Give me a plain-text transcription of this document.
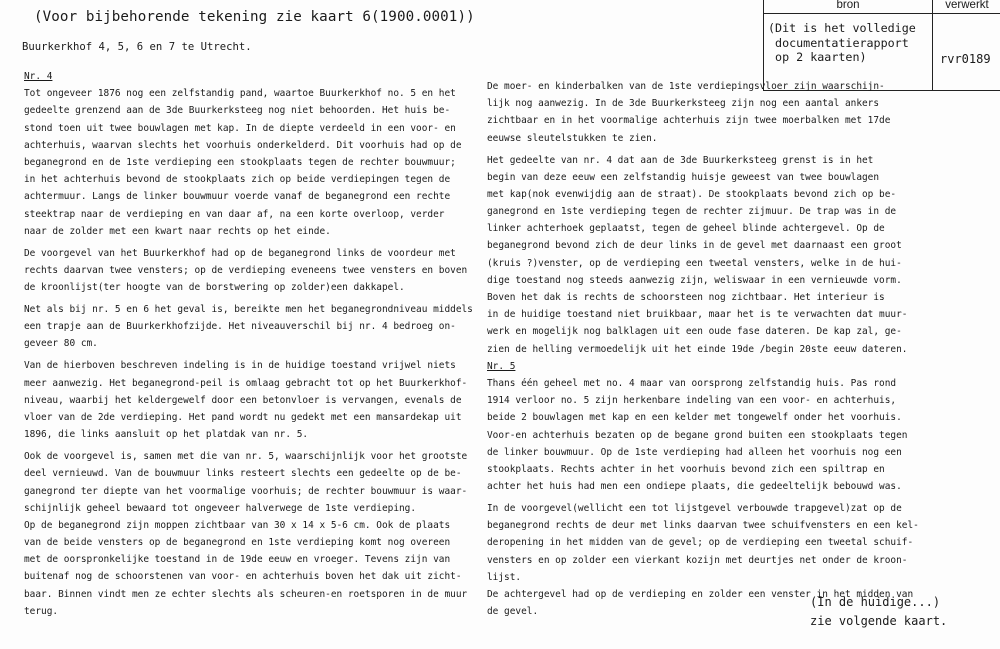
(Voor bijbehorende tekening zie kaart 6(1900.0001))
Buurkerkhof 4, 5, 6 en 7 te Utrecht.
bron	verwerkt
(Dit is het volledige
documentatierapport
op 2 kaarten)	rvr0189
Nr. 4
Tot ongeveer 1876 nog een zelfstandig pand, waartoe Buurkerkhof no. 5 en het
gedeelte grenzend aan de 3de Buurkerksteeg nog niet behoorden. Het huis be-
stond toen uit twee bouwlagen met kap. In de diepte verdeeld in een voor- en
achterhuis, waarvan slechts het voorhuis onderkelderd. Dit voorhuis had op de
beganegrond en de 1ste verdieping een stookplaats tegen de rechter bouwmuur;
in het achterhuis bevond de stookplaats zich op beide verdiepingen tegen de
achtermuur. Langs de linker bouwmuur voerde vanaf de beganegrond een rechte
steektrap naar de verdieping en van daar af, na een korte overloop, verder
naar de zolder met een kwart naar rechts op het einde.
De voorgevel van het Buurkerkhof had op de beganegrond links de voordeur met
rechts daarvan twee vensters; op de verdieping eveneens twee vensters en boven
de kroonlijst(ter hoogte van de borstwering op zolder)een dakkapel.
Net als bij nr. 5 en 6 het geval is, bereikte men het beganegrondniveau middels
een trapje aan de Buurkerkhofzijde. Het niveauverschil bij nr. 4 bedroeg on-
geveer 80 cm.
Van de hierboven beschreven indeling is in de huidige toestand vrijwel niets
meer aanwezig. Het beganegrond-peil is omlaag gebracht tot op het Buurkerkhof-
niveau, waarbij het keldergewelf door een betonvloer is vervangen, evenals de
vloer van de 2de verdieping. Het pand wordt nu gedekt met een mansardekap uit
1896, die links aansluit op het platdak van nr. 5.
Ook de voorgevel is, samen met die van nr. 5, waarschijnlijk voor het grootste
deel vernieuwd. Van de bouwmuur links resteert slechts een gedeelte op de be-
ganegrond ter diepte van het voormalige voorhuis; de rechter bouwmuur is waar-
schijnlijk geheel bewaard tot ongeveer halverwege de 1ste verdieping.
Op de beganegrond zijn moppen zichtbaar van 30 x 14 x 5-6 cm. Ook de plaats
van de beide vensters op de beganegrond en 1ste verdieping komt nog overeen
met de oorspronkelijke toestand in de 19de eeuw en vroeger. Tevens zijn van
buitenaf nog de schoorstenen van voor- en achterhuis boven het dak uit zicht-
baar. Binnen vindt men ze echter slechts als scheuren-en roetsporen in de muur
terug.
De moer- en kinderbalken van de 1ste verdiepingsvloer zijn waarschijn-
lijk nog aanwezig. In de 3de Buurkerksteeg zijn nog een aantal ankers
zichtbaar en in het voormalige achterhuis zijn twee moerbalken met 17de
eeuwse sleutelstukken te zien.
Het gedeelte van nr. 4 dat aan de 3de Buurkerksteeg grenst is in het
begin van deze eeuw een zelfstandig huisje geweest van twee bouwlagen
met kap(nok evenwijdig aan de straat). De stookplaats bevond zich op be-
ganegrond en 1ste verdieping tegen de rechter zijmuur. De trap was in de
linker achterhoek geplaatst, tegen de geheel blinde achtergevel. Op de
beganegrond bevond zich de deur links in de gevel met daarnaast een groot
(kruis ?)venster, op de verdieping een tweetal vensters, welke in de hui-
dige toestand nog steeds aanwezig zijn, weliswaar in een vernieuwde vorm.
Boven het dak is rechts de schoorsteen nog zichtbaar. Het interieur is
in de huidige toestand niet bruikbaar, maar het is te verwachten dat muur-
werk en mogelijk nog balklagen uit een oude fase dateren. De kap zal, ge-
zien de helling vermoedelijk uit het einde 19de /begin 20ste eeuw dateren.
Nr. 5
Thans één geheel met no. 4 maar van oorsprong zelfstandig huis. Pas rond
1914 verloor no. 5 zijn herkenbare indeling van een voor- en achterhuis,
beide 2 bouwlagen met kap en een kelder met tongewelf onder het voorhuis.
Voor-en achterhuis bezaten op de begane grond buiten een stookplaats tegen
de linker bouwmuur. Op de 1ste verdieping had alleen het voorhuis nog een
stookplaats. Rechts achter in het voorhuis bevond zich een spiltrap en
achter het huis had men een ondiepe plaats, die gedeeltelijk bebouwd was.
In de voorgevel(wellicht een tot lijstgevel verbouwde trapgevel)zat op de
beganegrond rechts de deur met links daarvan twee schuifvensters en een kel-
deropening in het midden van de gevel; op de verdieping een tweetal schuif-
vensters en op zolder een vierkant kozijn met deurtjes net onder de kroon-
lijst.
De achtergevel had op de verdieping en zolder een venster in het midden van
de gevel.
(In de huidige...)
zie volgende kaart.
